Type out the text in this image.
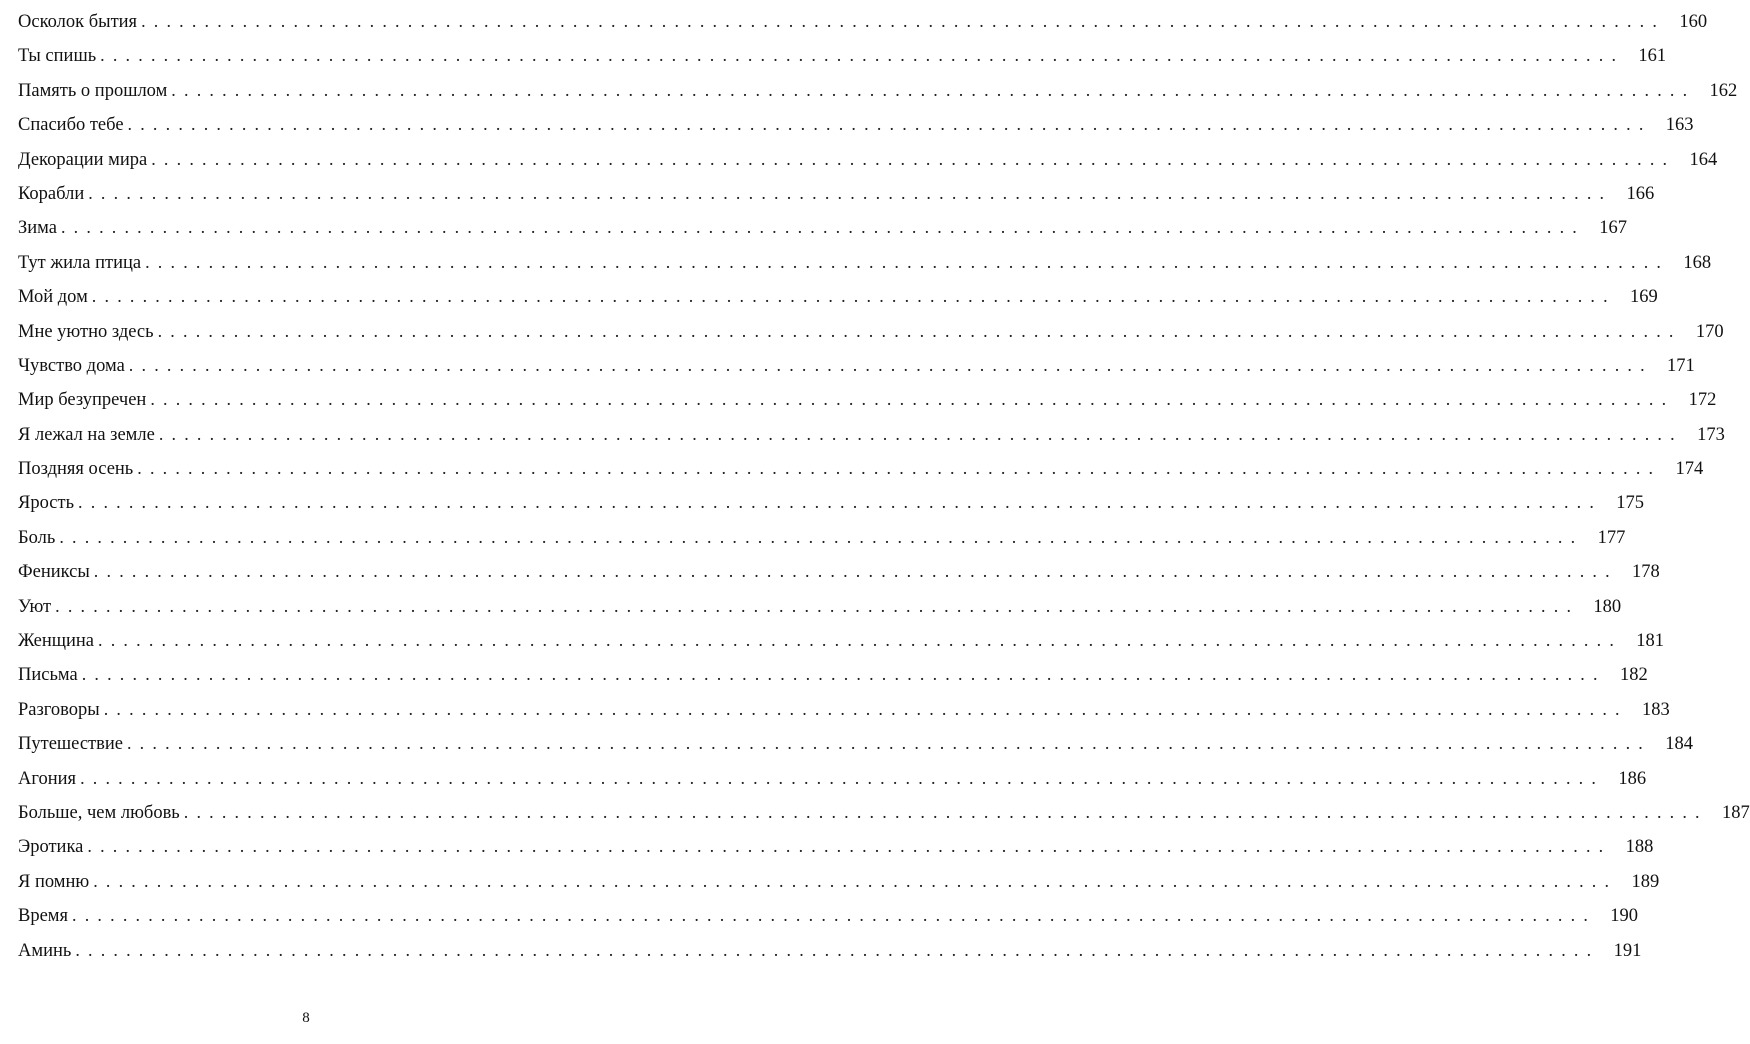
Осколок бытия ........................................................................................................................ 160
Ты спишь ........................................................................................................................ 161
Память о прошлом ........................................................................................................................ 162
Спасибо тебе ........................................................................................................................ 163
Декорации мира ........................................................................................................................ 164
Корабли ........................................................................................................................ 166
Зима ........................................................................................................................ 167
Тут жила птица ........................................................................................................................ 168
Мой дом ........................................................................................................................ 169
Мне уютно здесь ........................................................................................................................ 170
Чувство дома ........................................................................................................................ 171
Мир безупречен ........................................................................................................................ 172
Я лежал на земле ........................................................................................................................ 173
Поздняя осень ........................................................................................................................ 174
Ярость ........................................................................................................................ 175
Боль ........................................................................................................................ 177
Фениксы ........................................................................................................................ 178
Уют ........................................................................................................................ 180
Женщина ........................................................................................................................ 181
Письма ........................................................................................................................ 182
Разговоры ........................................................................................................................ 183
Путешествие ........................................................................................................................ 184
Агония ........................................................................................................................ 186
Больше, чем любовь ........................................................................................................................ 187
Эротика ........................................................................................................................ 188
Я помню ........................................................................................................................ 189
Время ........................................................................................................................ 190
Аминь ........................................................................................................................ 191
8
